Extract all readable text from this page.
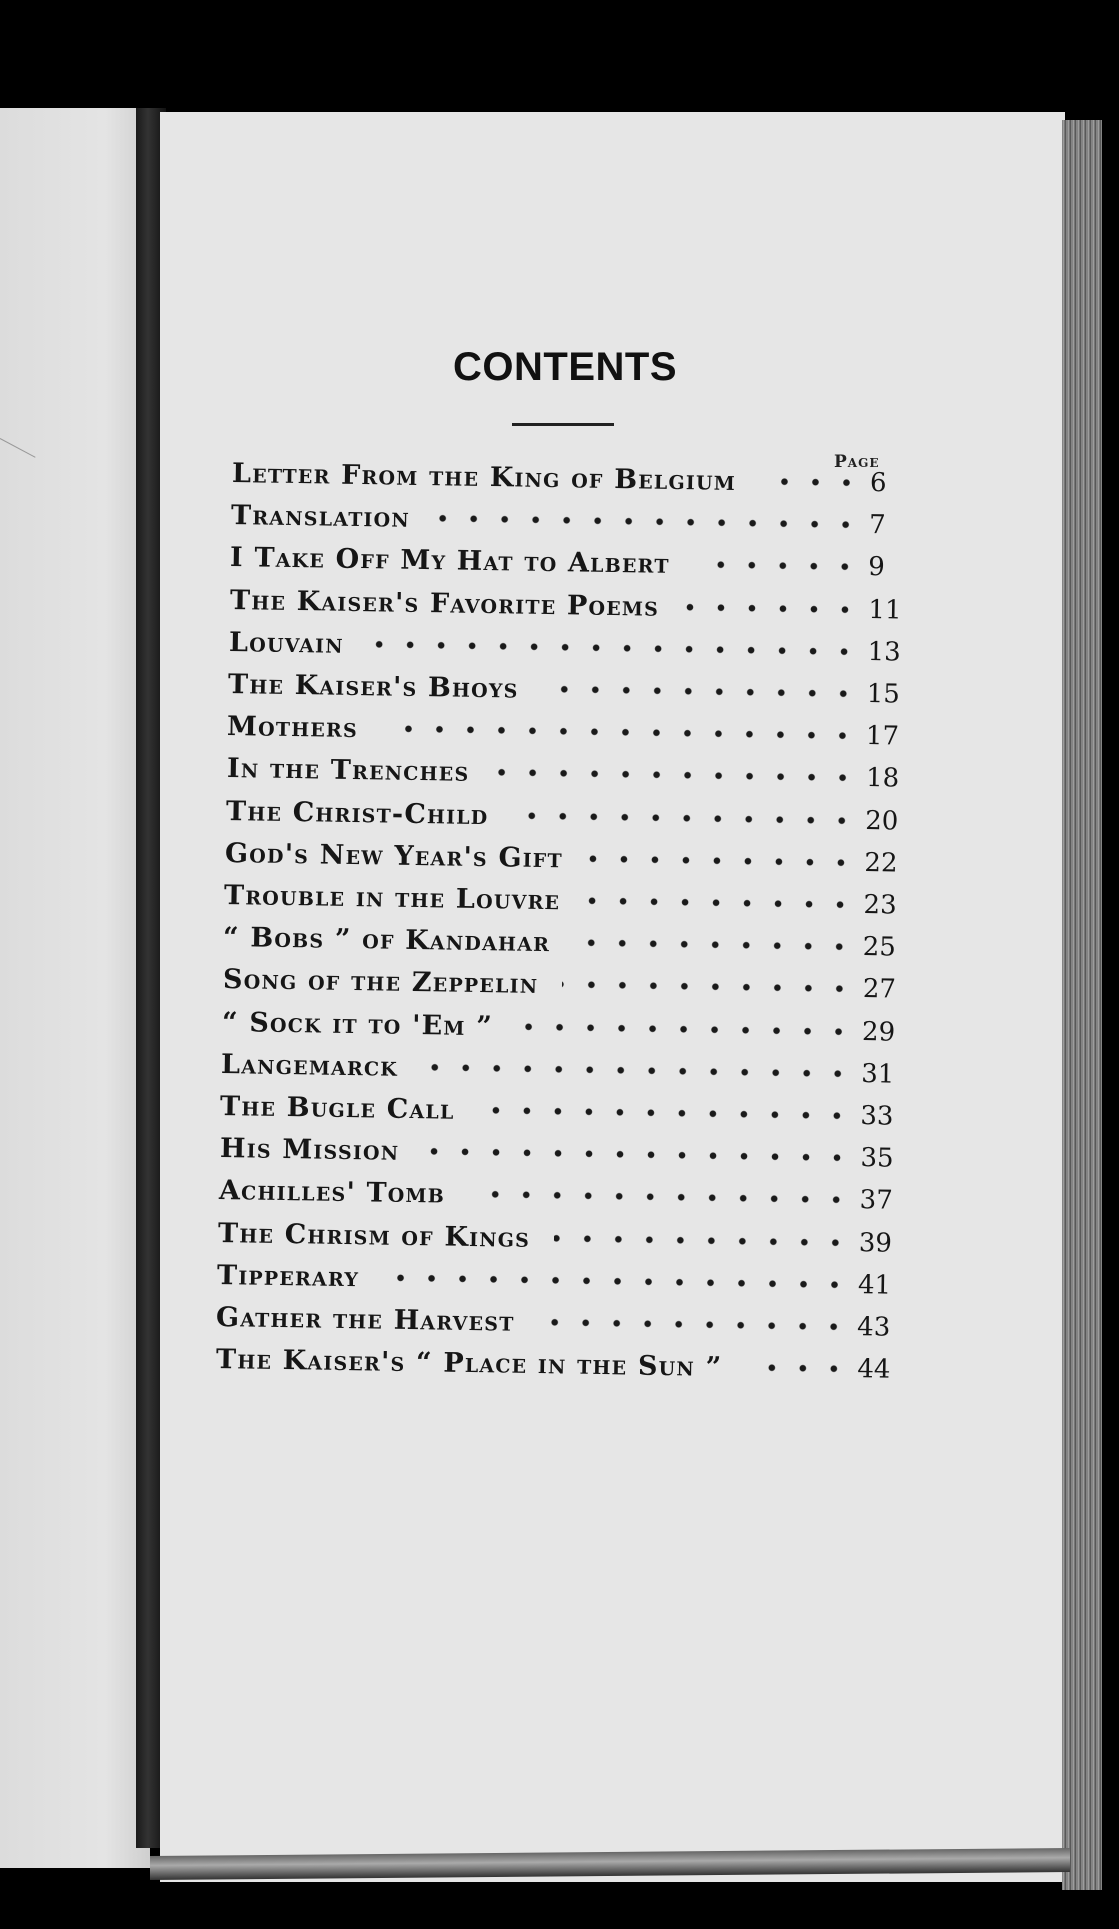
CONTENTS
Page
Letter From the King of Belgium	6
Translation	7
I Take Off My Hat to Albert	9
The Kaiser's Favorite Poems	11
Louvain	13
The Kaiser's Bhoys	15
Mothers	17
In the Trenches	18
The Christ-Child	20
God's New Year's Gift	22
Trouble in the Louvre	23
“ Bobs ” of Kandahar	25
Song of the Zeppelin	27
“ Sock it to 'Em ”	29
Langemarck	31
The Bugle Call	33
His Mission	35
Achilles' Tomb	37
The Chrism of Kings	39
Tipperary	41
Gather the Harvest	43
The Kaiser's “ Place in the Sun ”	44
